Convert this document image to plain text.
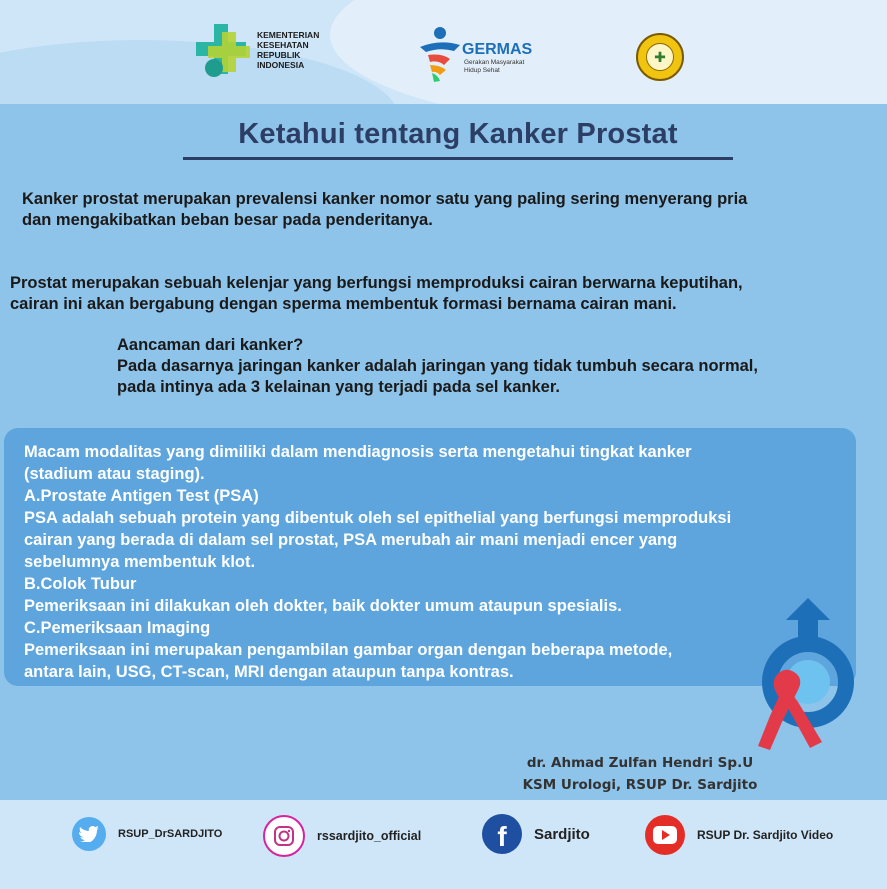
KEMENTERIAN
KESEHATAN
REPUBLIK
INDONESIA
GERMAS
Gerakan Masyarakat
Hidup Sehat
✚
Ketahui tentang Kanker Prostat
Kanker prostat merupakan prevalensi kanker nomor satu yang paling sering menyerang pria
dan mengakibatkan beban besar pada penderitanya.
Prostat merupakan sebuah kelenjar yang berfungsi memproduksi cairan berwarna keputihan,
cairan ini akan bergabung dengan sperma membentuk formasi bernama cairan mani.
Aancaman dari kanker?
Pada dasarnya jaringan kanker adalah jaringan yang tidak tumbuh secara normal,
pada intinya ada 3 kelainan yang terjadi pada sel kanker.
Macam modalitas yang dimiliki dalam mendiagnosis serta mengetahui tingkat kanker
(stadium atau staging).
A.Prostate Antigen Test (PSA)
PSA adalah sebuah protein yang dibentuk oleh sel epithelial yang berfungsi memproduksi
cairan yang berada di dalam sel prostat, PSA merubah air mani menjadi encer yang
sebelumnya membentuk klot.
B.Colok Tubur
Pemeriksaan ini dilakukan oleh dokter, baik dokter umum ataupun spesialis.
C.Pemeriksaan Imaging
Pemeriksaan ini merupakan pengambilan gambar organ dengan beberapa metode,
antara lain, USG, CT-scan, MRI dengan ataupun tanpa kontras.
dr. Ahmad Zulfan Hendri Sp.U
KSM Urologi, RSUP Dr. Sardjito
RSUP_DrSARDJITO	rssardjito_official	f Sardjito	RSUP Dr. Sardjito Video
